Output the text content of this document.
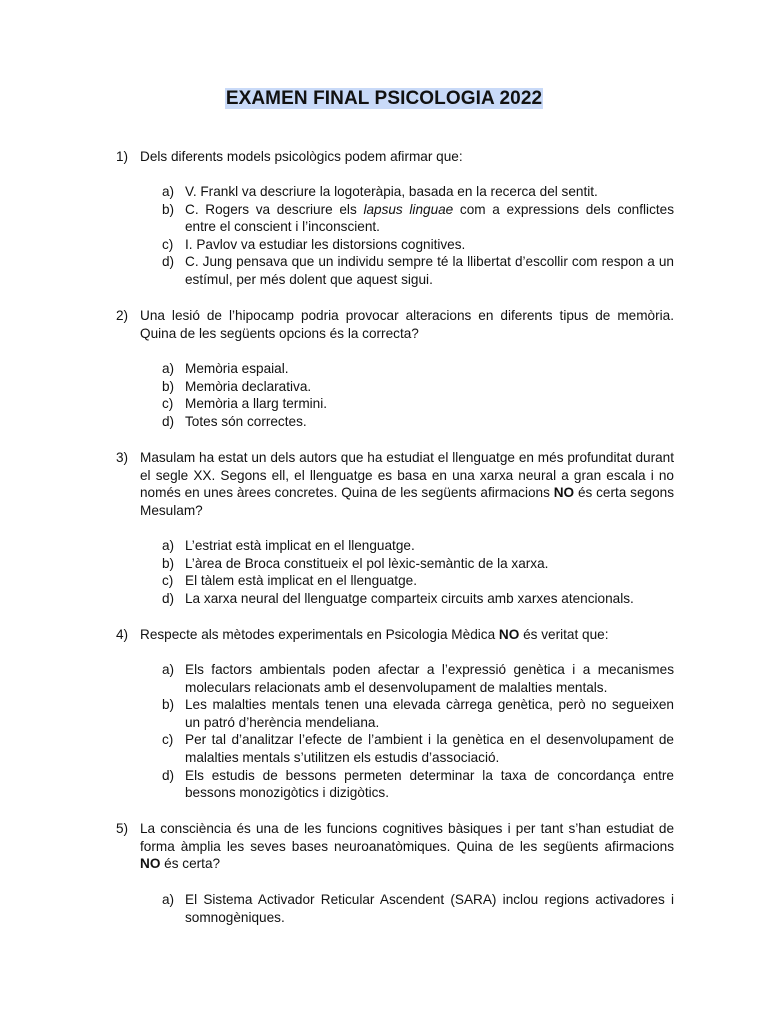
EXAMEN FINAL PSICOLOGIA 2022
1) Dels diferents models psicològics podem afirmar que:
a) V. Frankl va descriure la logoteràpia, basada en la recerca del sentit.
b) C. Rogers va descriure els lapsus linguae com a expressions dels conflictes entre el conscient i l’inconscient.
c) I. Pavlov va estudiar les distorsions cognitives.
d) C. Jung pensava que un individu sempre té la llibertat d’escollir com respon a un estímul, per més dolent que aquest sigui.
2) Una lesió de l’hipocamp podria provocar alteracions en diferents tipus de memòria. Quina de les següents opcions és la correcta?
a) Memòria espaial.
b) Memòria declarativa.
c) Memòria a llarg termini.
d) Totes són correctes.
3) Masulam ha estat un dels autors que ha estudiat el llenguatge en més profunditat durant el segle XX. Segons ell, el llenguatge es basa en una xarxa neural a gran escala i no només en unes àrees concretes. Quina de les següents afirmacions NO és certa segons Mesulam?
a) L’estriat està implicat en el llenguatge.
b) L’àrea de Broca constitueix el pol lèxic-semàntic de la xarxa.
c) El tàlem està implicat en el llenguatge.
d) La xarxa neural del llenguatge comparteix circuits amb xarxes atencionals.
4) Respecte als mètodes experimentals en Psicologia Mèdica NO és veritat que:
a) Els factors ambientals poden afectar a l’expressió genètica i a mecanismes moleculars relacionats amb el desenvolupament de malalties mentals.
b) Les malalties mentals tenen una elevada càrrega genètica, però no segueixen un patró d’herència mendeliana.
c) Per tal d’analitzar l’efecte de l’ambient i la genètica en el desenvolupament de malalties mentals s’utilitzen els estudis d’associació.
d) Els estudis de bessons permeten determinar la taxa de concordança entre bessons monozigòtics i dizigòtics.
5) La consciència és una de les funcions cognitives bàsiques i per tant s’han estudiat de forma àmplia les seves bases neuroanatòmiques. Quina de les següents afirmacions NO és certa?
a) El Sistema Activador Reticular Ascendent (SARA) inclou regions activadores i somnogèniques.
